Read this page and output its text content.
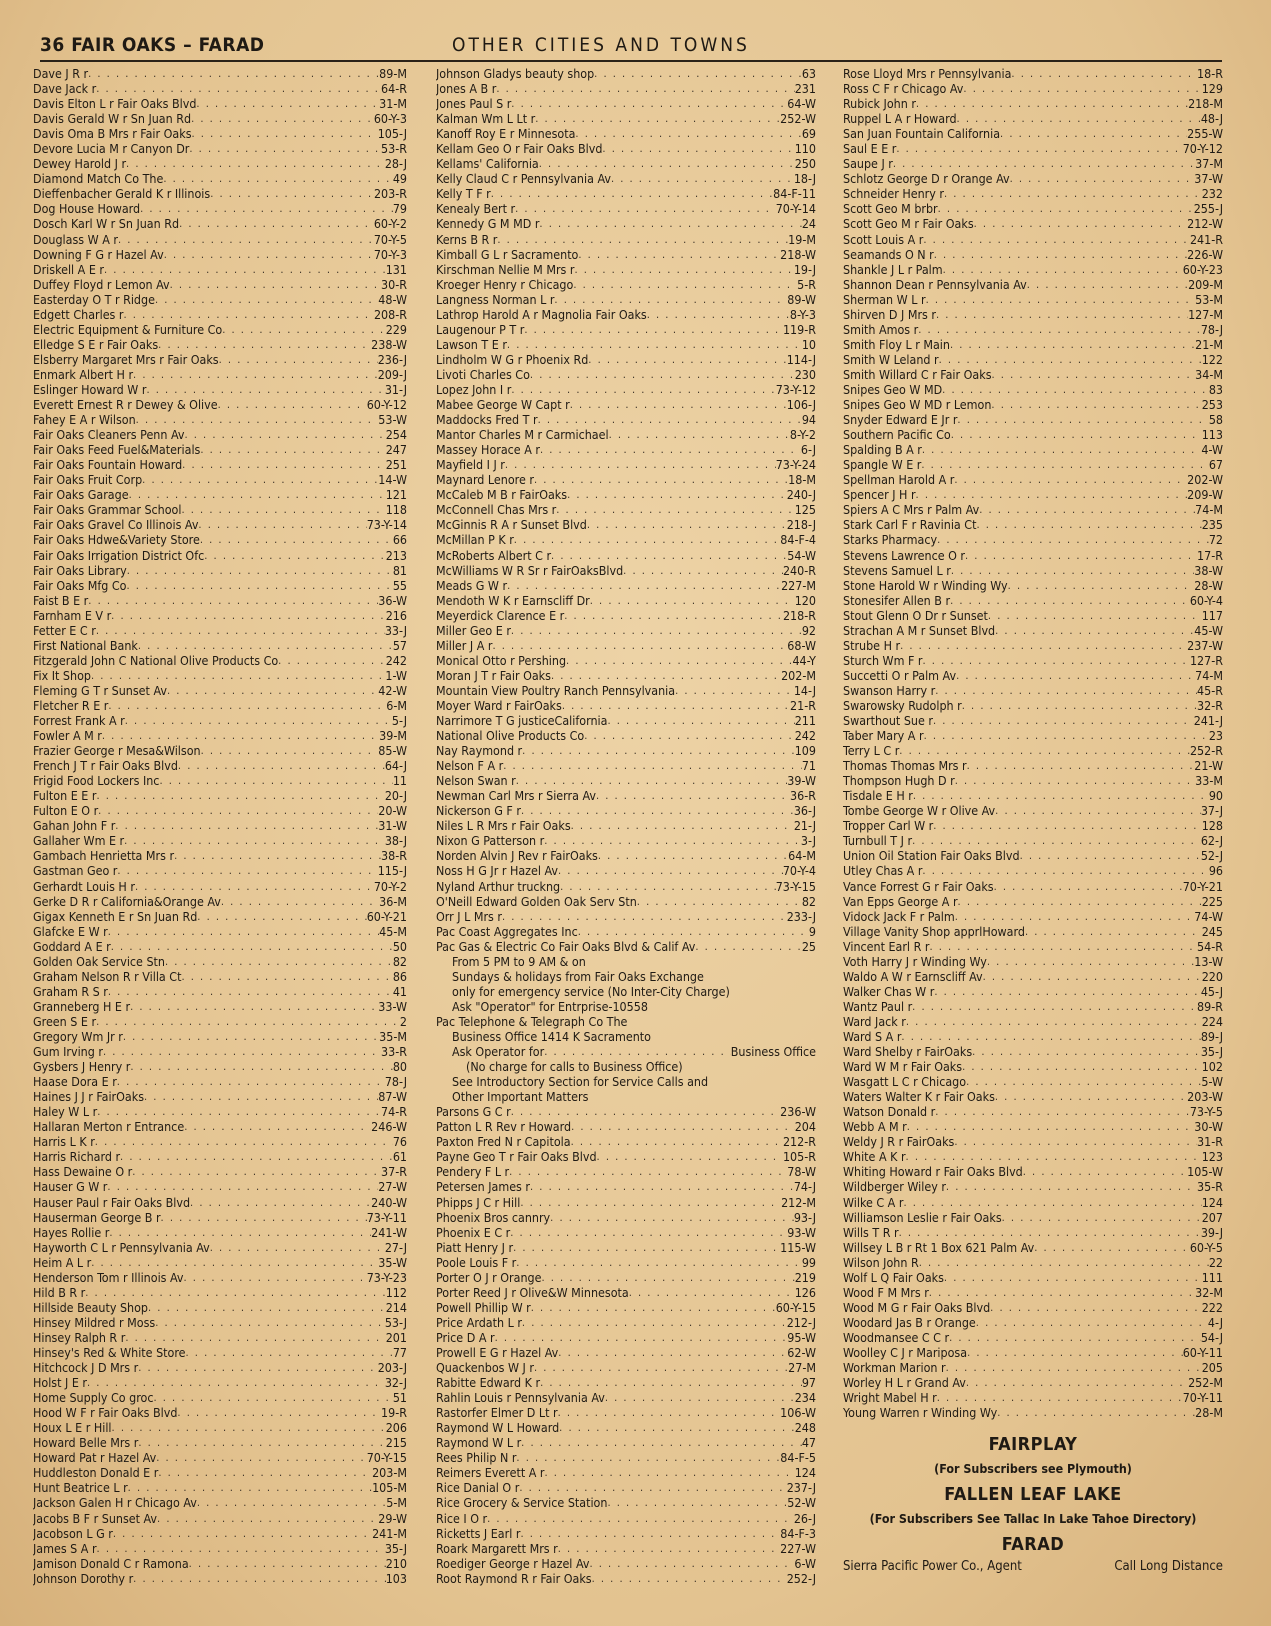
36 FAIR OAKS – FARAD	OTHER CITIES AND TOWNS
Dave J R r . . .	89-M
Dave Jack r . . .	64-R
Davis Elton L r Fair Oaks Blvd . . .	31-M
Davis Gerald W r Sn Juan Rd . . .	60-Y-3
Davis Oma B Mrs r Fair Oaks . . .	105-J
Devore Lucia M r Canyon Dr . . .	53-R
Dewey Harold J r . . .	28-J
Diamond Match Co The . . .	49
Dieffenbacher Gerald K r Illinois . . .	203-R
Dog House Howard . . .	79
Dosch Karl W r Sn Juan Rd . . .	60-Y-2
Douglass W A r . . .	70-Y-5
Downing F G r Hazel Av . . .	70-Y-3
Driskell A E r . . .	131
Duffey Floyd r Lemon Av . . .	30-R
Easterday O T r Ridge . . .	48-W
Edgett Charles r . . .	208-R
Electric Equipment & Furniture Co . . .	229
Elledge S E r Fair Oaks . . .	238-W
Elsberry Margaret Mrs r Fair Oaks . . .	236-J
Enmark Albert H r . . .	209-J
Eslinger Howard W r . . .	31-J
Everett Ernest R r Dewey & Olive . . .	60-Y-12
Fahey E A r Wilson . . .	53-W
Fair Oaks Cleaners Penn Av . . .	254
Fair Oaks Feed Fuel&Materials . . .	247
Fair Oaks Fountain Howard . . .	251
Fair Oaks Fruit Corp . . .	14-W
Fair Oaks Garage . . .	121
Fair Oaks Grammar School . . .	118
Fair Oaks Gravel Co Illinois Av . . .	73-Y-14
Fair Oaks Hdwe&Variety Store . . .	66
Fair Oaks Irrigation District Ofc . . .	213
Fair Oaks Library . . .	81
Fair Oaks Mfg Co . . .	55
Faist B E r . . .	36-W
Farnham E V r . . .	216
Fetter E C r . . .	33-J
First National Bank . . .	57
Fitzgerald John C National Olive Products Co . . .	242
Fix It Shop . . .	1-W
Fleming G T r Sunset Av . . .	42-W
Fletcher R E r . . .	6-M
Forrest Frank A r . . .	5-J
Fowler A M r . . .	39-M
Frazier George r Mesa&Wilson . . .	85-W
French J T r Fair Oaks Blvd . . .	64-J
Frigid Food Lockers Inc . . .	11
Fulton E E r . . .	20-J
Fulton E O r . . .	20-W
Gahan John F r . . .	31-W
Gallaher Wm E r . . .	38-J
Gambach Henrietta Mrs r . . .	38-R
Gastman Geo r . . .	115-J
Gerhardt Louis H r . . .	70-Y-2
Gerke D R r California&Orange Av . . .	36-M
Gigax Kenneth E r Sn Juan Rd . . .	60-Y-21
Glafcke E W r . . .	45-M
Goddard A E r . . .	50
Golden Oak Service Stn . . .	82
Graham Nelson R r Villa Ct . . .	86
Graham R S r . . .	41
Granneberg H E r . . .	33-W
Green S E r . . .	2
Gregory Wm Jr r . . .	35-M
Gum Irving r . . .	33-R
Gysbers J Henry r . . .	80
Haase Dora E r . . .	78-J
Haines J J r FairOaks . . .	87-W
Haley W L r . . .	74-R
Hallaran Merton r Entrance . . .	246-W
Harris L K r . . .	76
Harris Richard r . . .	61
Hass Dewaine O r . . .	37-R
Hauser G W r . . .	27-W
Hauser Paul r Fair Oaks Blvd . . .	240-W
Hauserman George B r . . .	73-Y-11
Hayes Rollie r . . .	241-W
Hayworth C L r Pennsylvania Av . . .	27-J
Heim A L r . . .	35-W
Henderson Tom r Illinois Av . . .	73-Y-23
Hild B R r . . .	112
Hillside Beauty Shop . . .	214
Hinsey Mildred r Moss . . .	53-J
Hinsey Ralph R r . . .	201
Hinsey's Red & White Store . . .	77
Hitchcock J D Mrs r . . .	203-J
Holst J E r . . .	32-J
Home Supply Co groc . . .	51
Hood W F r Fair Oaks Blvd . . .	19-R
Houx L E r Hill . . .	206
Howard Belle Mrs r . . .	215
Howard Pat r Hazel Av . . .	70-Y-15
Huddleston Donald E r . . .	203-M
Hunt Beatrice L r . . .	105-M
Jackson Galen H r Chicago Av . . .	5-M
Jacobs B F r Sunset Av . . .	29-W
Jacobson L G r . . .	241-M
James S A r . . .	35-J
Jamison Donald C r Ramona . . .	210
Johnson Dorothy r . . .	103
Johnson Gladys beauty shop . . .	63
Jones A B r . . .	231
Jones Paul S r . . .	64-W
Kalman Wm L Lt r . . .	252-W
Kanoff Roy E r Minnesota . . .	69
Kellam Geo O r Fair Oaks Blvd . . .	110
Kellams' California . . .	250
Kelly Claud C r Pennsylvania Av . . .	18-J
Kelly T F r . . .	84-F-11
Kenealy Bert r . . .	70-Y-14
Kennedy G M MD r . . .	24
Kerns B R r . . .	19-M
Kimball G L r Sacramento . . .	218-W
Kirschman Nellie M Mrs r . . .	19-J
Kroeger Henry r Chicago . . .	5-R
Langness Norman L r . . .	89-W
Lathrop Harold A r Magnolia Fair Oaks . . .	8-Y-3
Laugenour P T r . . .	119-R
Lawson T E r . . .	10
Lindholm W G r Phoenix Rd . . .	114-J
Livoti Charles Co . . .	230
Lopez John I r . . .	73-Y-12
Mabee George W Capt r . . .	106-J
Maddocks Fred T r . . .	94
Mantor Charles M r Carmichael . . .	8-Y-2
Massey Horace A r . . .	6-J
Mayfield I J r . . .	73-Y-24
Maynard Lenore r . . .	18-M
McCaleb M B r FairOaks . . .	240-J
McConnell Chas Mrs r . . .	125
McGinnis R A r Sunset Blvd . . .	218-J
McMillan P K r . . .	84-F-4
McRoberts Albert C r . . .	54-W
McWilliams W R Sr r FairOaksBlvd . . .	240-R
Meads G W r . . .	227-M
Mendoth W K r Earnscliff Dr . . .	120
Meyerdick Clarence E r . . .	218-R
Miller Geo E r . . .	92
Miller J A r . . .	68-W
Monical Otto r Pershing . . .	44-Y
Moran J T r Fair Oaks . . .	202-M
Mountain View Poultry Ranch Pennsylvania . . .	14-J
Moyer Ward r FairOaks . . .	21-R
Narrimore T G justiceCalifornia . . .	211
National Olive Products Co . . .	242
Nay Raymond r . . .	109
Nelson F A r . . .	71
Nelson Swan r . . .	39-W
Newman Carl Mrs r Sierra Av . . .	36-R
Nickerson G F r . . .	36-J
Niles L R Mrs r Fair Oaks . . .	21-J
Nixon G Patterson r . . .	3-J
Norden Alvin J Rev r FairOaks . . .	64-M
Noss H G Jr r Hazel Av . . .	70-Y-4
Nyland Arthur truckng . . .	73-Y-15
O'Neill Edward Golden Oak Serv Stn . . .	82
Orr J L Mrs r . . .	233-J
Pac Coast Aggregates Inc . . .	9
Pac Gas & Electric Co Fair Oaks Blvd & Calif Av . . .	25
From 5 PM to 9 AM & on
Sundays & holidays from Fair Oaks Exchange
only for emergency service (No Inter-City Charge)
Ask "Operator" for Entrprise-10558
Pac Telephone & Telegraph Co The
Business Office 1414 K Sacramento
Ask Operator for . . .	Business Office
(No charge for calls to Business Office)
See Introductory Section for Service Calls and
Other Important Matters
Parsons G C r . . .	236-W
Patton L R Rev r Howard . . .	204
Paxton Fred N r Capitola . . .	212-R
Payne Geo T r Fair Oaks Blvd . . .	105-R
Pendery F L r . . .	78-W
Petersen James r . . .	74-J
Phipps J C r Hill . . .	212-M
Phoenix Bros cannry . . .	93-J
Phoenix E C r . . .	93-W
Piatt Henry J r . . .	115-W
Poole Louis F r . . .	99
Porter O J r Orange . . .	219
Porter Reed J r Olive&W Minnesota . . .	126
Powell Phillip W r . . .	60-Y-15
Price Ardath L r . . .	212-J
Price D A r . . .	95-W
Prowell E G r Hazel Av . . .	62-W
Quackenbos W J r . . .	27-M
Rabitte Edward K r . . .	97
Rahlin Louis r Pennsylvania Av . . .	234
Rastorfer Elmer D Lt r . . .	106-W
Raymond W L Howard . . .	248
Raymond W L r . . .	47
Rees Philip N r . . .	84-F-5
Reimers Everett A r . . .	124
Rice Danial O r . . .	237-J
Rice Grocery & Service Station . . .	52-W
Rice I O r . . .	26-J
Ricketts J Earl r . . .	84-F-3
Roark Margarett Mrs r . . .	227-W
Roediger George r Hazel Av . . .	6-W
Root Raymond R r Fair Oaks . . .	252-J
Rose Lloyd Mrs r Pennsylvania . . .	18-R
Ross C F r Chicago Av . . .	129
Rubick John r . . .	218-M
Ruppel L A r Howard . . .	48-J
San Juan Fountain California . . .	255-W
Saul E E r . . .	70-Y-12
Saupe J r . . .	37-M
Schlotz George D r Orange Av . . .	37-W
Schneider Henry r . . .	232
Scott Geo M brbr . . .	255-J
Scott Geo M r Fair Oaks . . .	212-W
Scott Louis A r . . .	241-R
Seamands O N r . . .	226-W
Shankle J L r Palm . . .	60-Y-23
Shannon Dean r Pennsylvania Av . . .	209-M
Sherman W L r . . .	53-M
Shirven D J Mrs r . . .	127-M
Smith Amos r . . .	78-J
Smith Floy L r Main . . .	21-M
Smith W Leland r . . .	122
Smith Willard C r Fair Oaks . . .	34-M
Snipes Geo W MD . . .	83
Snipes Geo W MD r Lemon . . .	253
Snyder Edward E Jr r . . .	58
Southern Pacific Co . . .	113
Spalding B A r . . .	4-W
Spangle W E r . . .	67
Spellman Harold A r . . .	202-W
Spencer J H r . . .	209-W
Spiers A C Mrs r Palm Av . . .	74-M
Stark Carl F r Ravinia Ct . . .	235
Starks Pharmacy . . .	72
Stevens Lawrence O r . . .	17-R
Stevens Samuel L r . . .	38-W
Stone Harold W r Winding Wy . . .	28-W
Stonesifer Allen B r . . .	60-Y-4
Stout Glenn O Dr r Sunset . . .	117
Strachan A M r Sunset Blvd . . .	45-W
Strube H r . . .	237-W
Sturch Wm F r . . .	127-R
Succetti O r Palm Av . . .	74-M
Swanson Harry r . . .	45-R
Swarowsky Rudolph r . . .	32-R
Swarthout Sue r . . .	241-J
Taber Mary A r . . .	23
Terry L C r . . .	252-R
Thomas Thomas Mrs r . . .	21-W
Thompson Hugh D r . . .	33-M
Tisdale E H r . . .	90
Tombe George W r Olive Av . . .	37-J
Tropper Carl W r . . .	128
Turnbull T J r . . .	62-J
Union Oil Station Fair Oaks Blvd . . .	52-J
Utley Chas A r . . .	96
Vance Forrest G r Fair Oaks . . .	70-Y-21
Van Epps George A r . . .	225
Vidock Jack F r Palm . . .	74-W
Village Vanity Shop apprlHoward . . .	245
Vincent Earl R r . . .	54-R
Voth Harry J r Winding Wy . . .	13-W
Waldo A W r Earnscliff Av . . .	220
Walker Chas W r . . .	45-J
Wantz Paul r . . .	89-R
Ward Jack r . . .	224
Ward S A r . . .	89-J
Ward Shelby r FairOaks . . .	35-J
Ward W M r Fair Oaks . . .	102
Wasgatt L C r Chicago . . .	5-W
Waters Walter K r Fair Oaks . . .	203-W
Watson Donald r . . .	73-Y-5
Webb A M r . . .	30-W
Weldy J R r FairOaks . . .	31-R
White A K r . . .	123
Whiting Howard r Fair Oaks Blvd . . .	105-W
Wildberger Wiley r . . .	35-R
Wilke C A r . . .	124
Williamson Leslie r Fair Oaks . . .	207
Wills T R r . . .	39-J
Willsey L B r Rt 1 Box 621 Palm Av . . .	60-Y-5
Wilson John R . . .	22
Wolf L Q Fair Oaks . . .	111
Wood F M Mrs r . . .	32-M
Wood M G r Fair Oaks Blvd . . .	222
Woodard Jas B r Orange . . .	4-J
Woodmansee C C r . . .	54-J
Woolley C J r Mariposa . . .	60-Y-11
Workman Marion r . . .	205
Worley H L r Grand Av . . .	252-M
Wright Mabel H r . . .	70-Y-11
Young Warren r Winding Wy . . .	28-M
FAIRPLAY
(For Subscribers see Plymouth)
FALLEN LEAF LAKE
(For Subscribers See Tallac In Lake Tahoe Directory)
FARAD
Sierra Pacific Power Co., Agent	Call Long Distance
